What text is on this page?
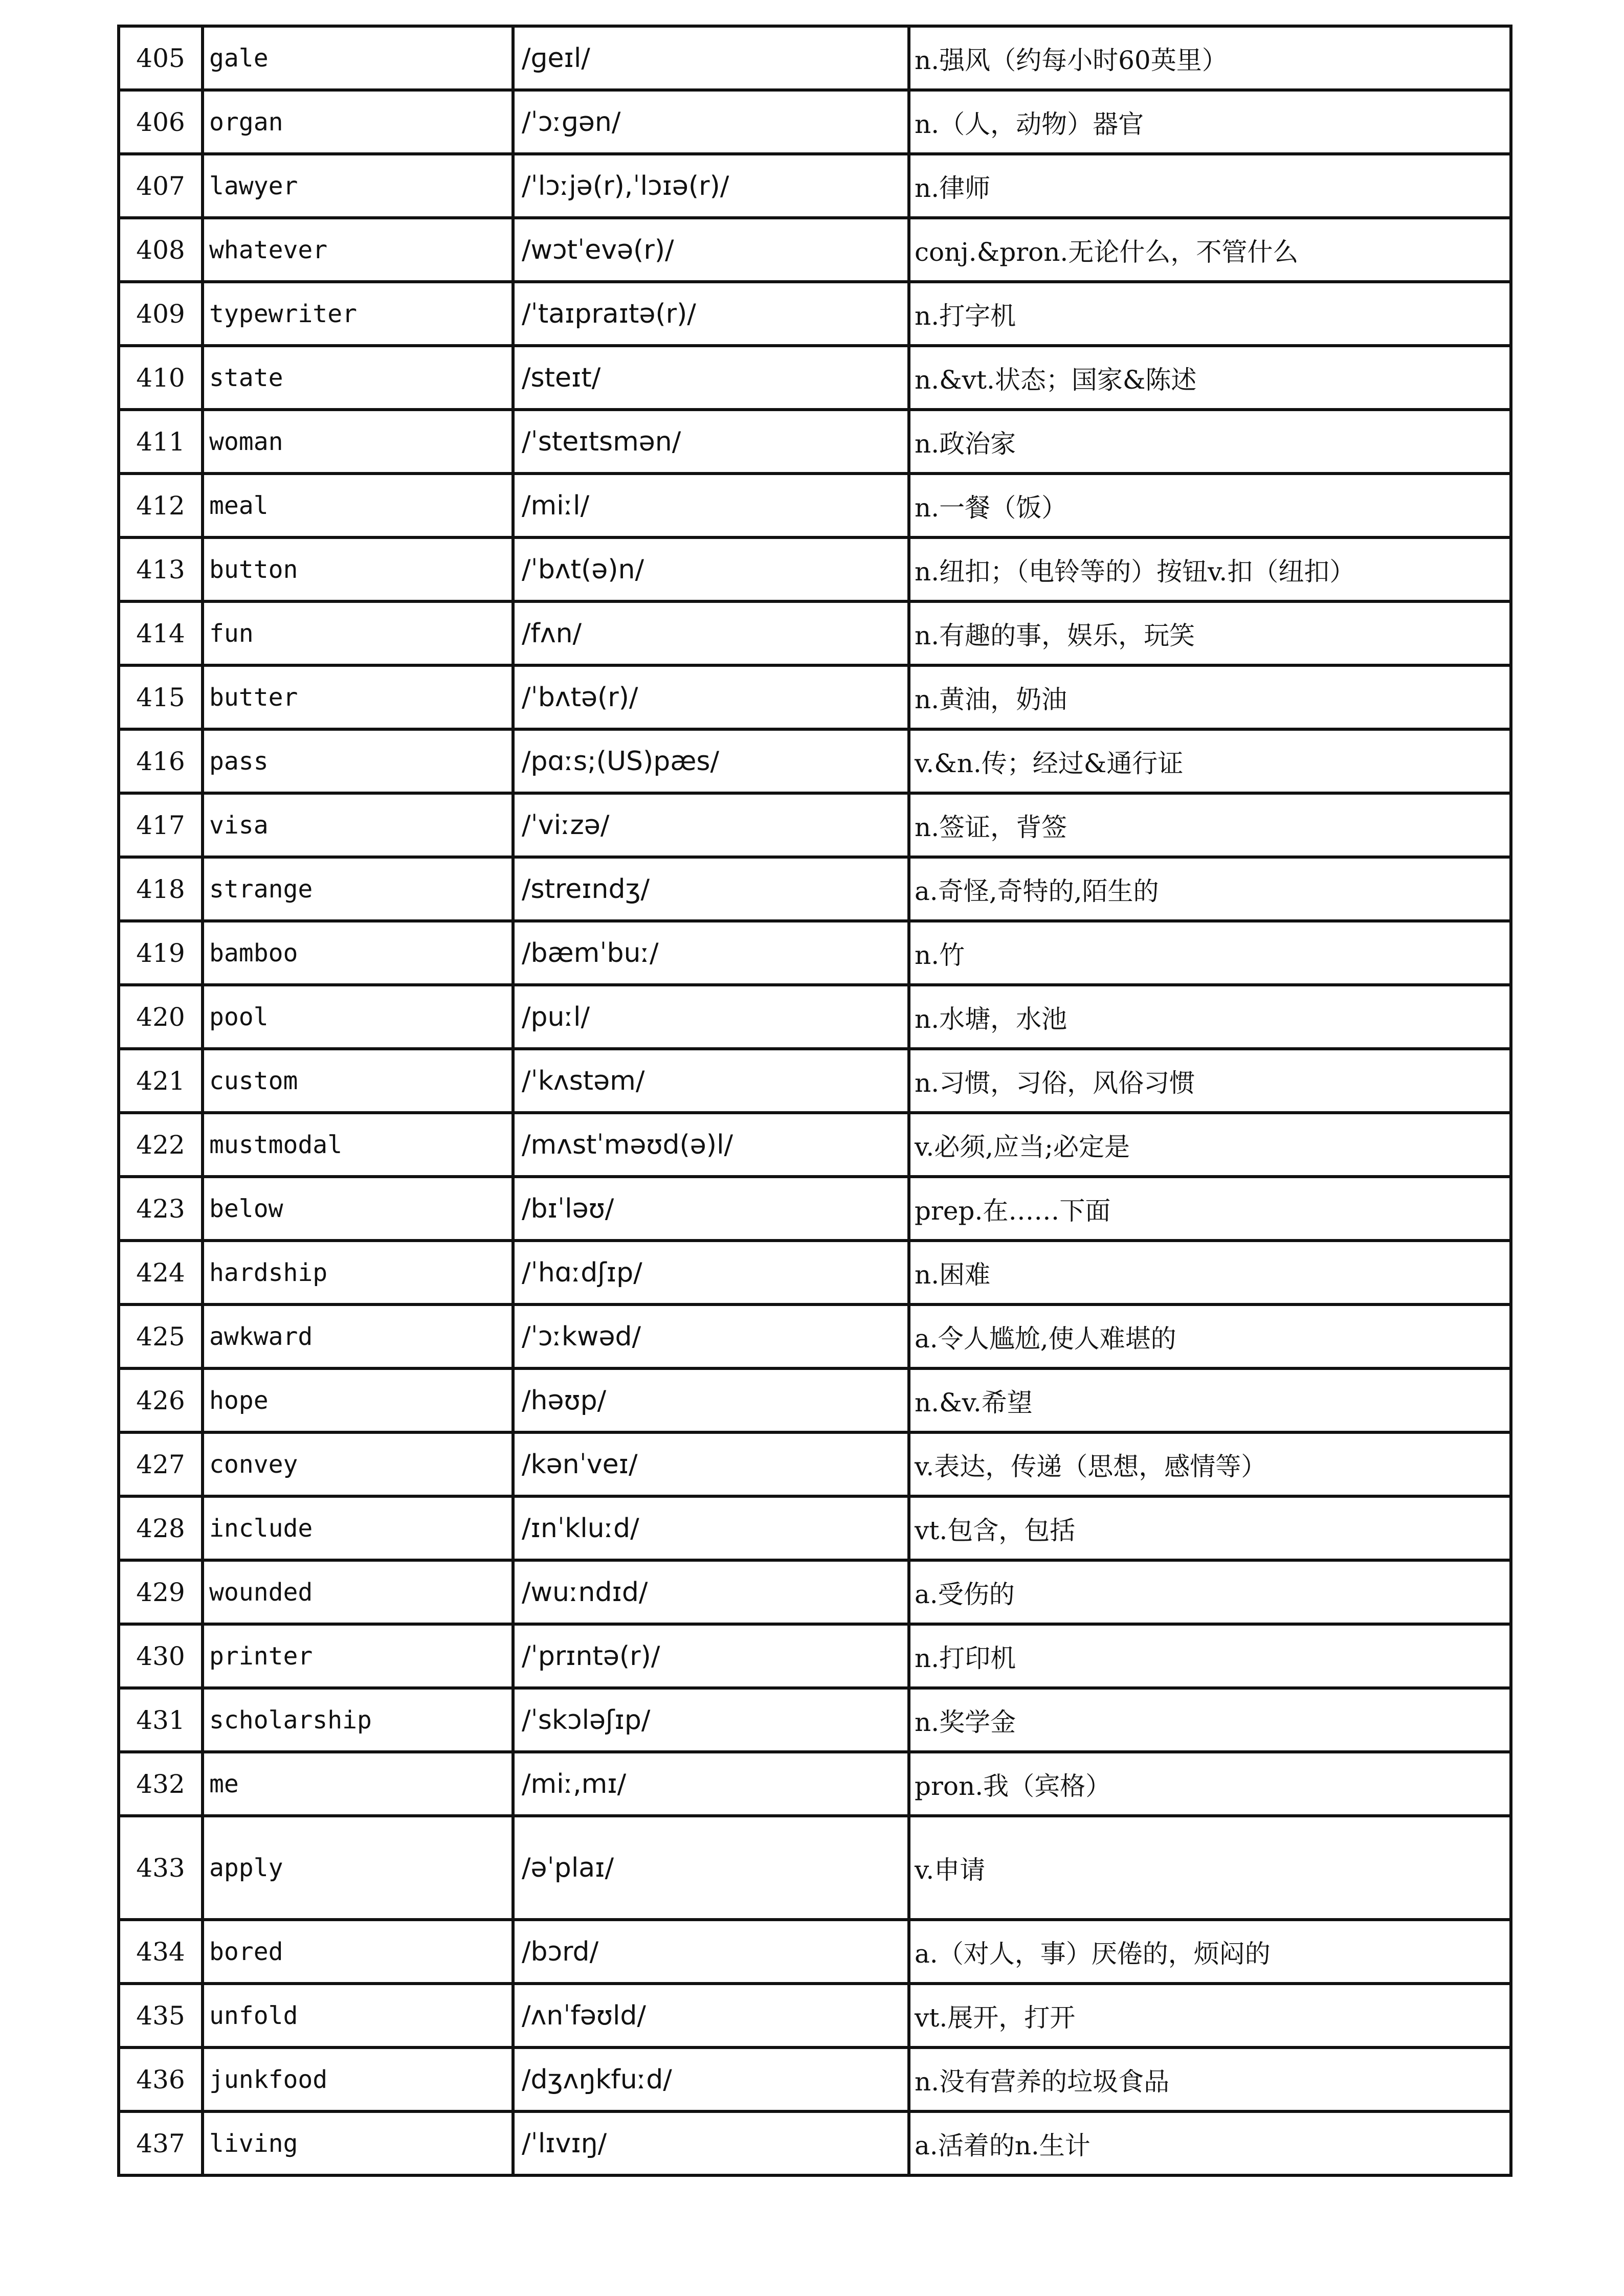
405	gale	/ɡeɪl/	n.强风（约每小时60英里）
406	organ	/ˈɔːɡən/	n.（人，动物）器官
407	lawyer	/ˈlɔːjə(r),ˈlɔɪə(r)/	n.律师
408	whatever	/wɔtˈevə(r)/	conj.&pron.无论什么，不管什么
409	typewriter	/ˈtaɪpraɪtə(r)/	n.打字机
410	state	/steɪt/	n.&vt.状态；国家&陈述
411	woman	/ˈsteɪtsmən/	n.政治家
412	meal	/miːl/	n.一餐（饭）
413	button	/ˈbʌt(ə)n/	n.纽扣；（电铃等的）按钮v.扣（纽扣）
414	fun	/fʌn/	n.有趣的事，娱乐，玩笑
415	butter	/ˈbʌtə(r)/	n.黄油，奶油
416	pass	/pɑːs;(US)pæs/	v.&n.传；经过&通行证
417	visa	/ˈviːzə/	n.签证，背签
418	strange	/streɪndʒ/	a.奇怪,奇特的,陌生的
419	bamboo	/bæmˈbuː/	n.竹
420	pool	/puːl/	n.水塘，水池
421	custom	/ˈkʌstəm/	n.习惯，习俗，风俗习惯
422	mustmodal	/mʌstˈməʊd(ə)l/	v.必须,应当;必定是
423	below	/bɪˈləʊ/	prep.在……下面
424	hardship	/ˈhɑːdʃɪp/	n.困难
425	awkward	/ˈɔːkwəd/	a.令人尴尬,使人难堪的
426	hope	/həʊp/	n.&v.希望
427	convey	/kənˈveɪ/	v.表达，传递（思想，感情等）
428	include	/ɪnˈkluːd/	vt.包含，包括
429	wounded	/wuːndɪd/	a.受伤的
430	printer	/ˈprɪntə(r)/	n.打印机
431	scholarship	/ˈskɔləʃɪp/	n.奖学金
432	me	/miː,mɪ/	pron.我（宾格）
433	apply	/əˈplaɪ/	v.申请
434	bored	/bɔrd/	a.（对人，事）厌倦的，烦闷的
435	unfold	/ʌnˈfəʊld/	vt.展开，打开
436	junkfood	/dʒʌŋkfuːd/	n.没有营养的垃圾食品
437	living	/ˈlɪvɪŋ/	a.活着的n.生计
